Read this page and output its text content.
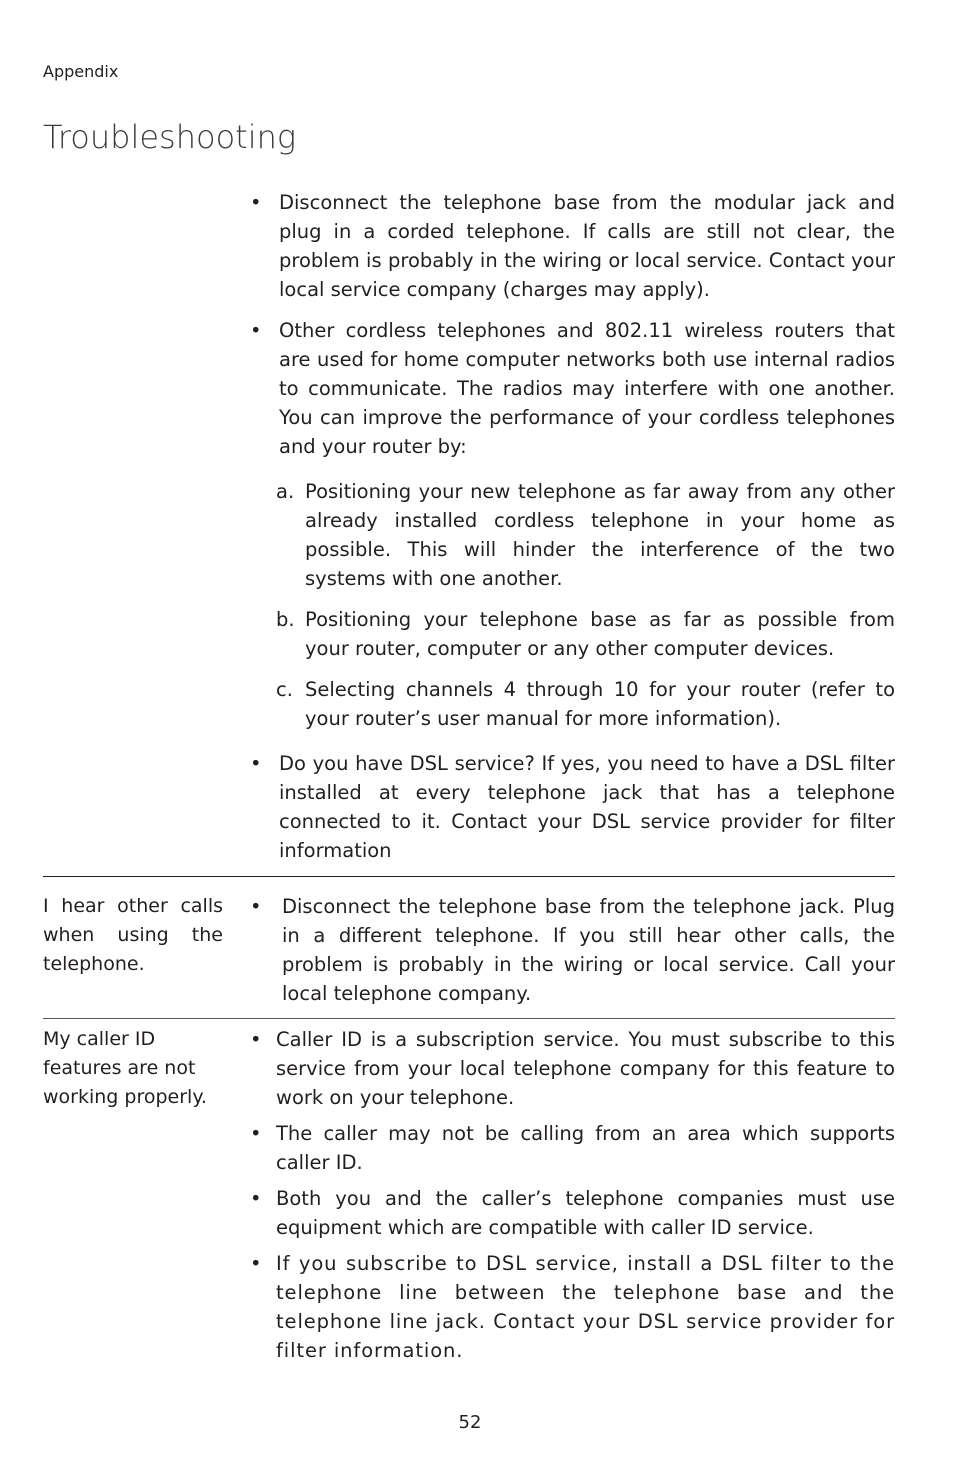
Appendix
Troubleshooting
• Disconnect the telephone base from the modular jack and plug in a corded telephone. If calls are still not clear, the problem is probably in the wiring or local service. Contact your local service company (charges may apply).
• Other cordless telephones and 802.11 wireless routers that are used for home computer networks both use internal radios to communicate. The radios may interfere with one another. You can improve the performance of your cordless telephones and your router by:
a. Positioning your new telephone as far away from any other already installed cordless telephone in your home as possible. This will hinder the interference of the two systems with one another.
b. Positioning your telephone base as far as possible from your router, computer or any other computer devices.
c. Selecting channels 4 through 10 for your router (refer to your router’s user manual for more information).
• Do you have DSL service? If yes, you need to have a DSL filter installed at every telephone jack that has a telephone connected to it. Contact your DSL service provider for filter information
I hear other calls when using the telephone.
• Disconnect the telephone base from the telephone jack. Plug in a different telephone. If you still hear other calls, the problem is probably in the wiring or local service. Call your local telephone company.
My caller ID features are not working properly.
• Caller ID is a subscription service. You must subscribe to this service from your local telephone company for this feature to work on your telephone.
• The caller may not be calling from an area which supports caller ID.
• Both you and the caller’s telephone companies must use equipment which are compatible with caller ID service.
• If you subscribe to DSL service, install a DSL filter to the telephone line between the telephone base and the telephone line jack. Contact your DSL service provider for filter information.
52
